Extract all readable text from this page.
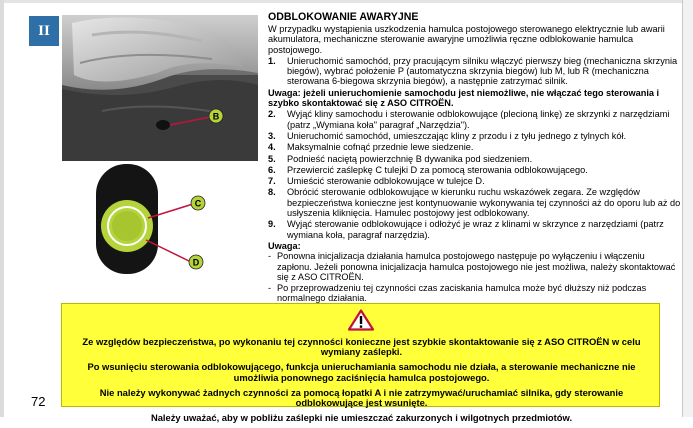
II
B
C
D
ODBLOKOWANIE AWARYJNE

W przypadku wystąpienia uszkodzenia hamulca postojowego sterowanego elektrycznie lub awarii akumulatora, mechaniczne sterowanie awaryjne umożliwia ręczne odblokowanie hamulca postojowego.

1. Unieruchomić samochód, przy pracującym silniku włączyć pierwszy bieg (mechaniczna skrzynia biegów), wybrać położenie P (automatyczna skrzynia biegów) lub M, lub R (mechaniczna sterowana 6-biegowa skrzynia biegów), a następnie zatrzymać silnik.

Uwaga: jeżeli unieruchomienie samochodu jest niemożliwe, nie włączać tego sterowania i szybko skontaktować się z ASO CITROËN.

2. Wyjąć kliny samochodu i sterowanie odblokowujące (plecioną linkę) ze skrzynki z narzędziami (patrz „Wymiana koła" paragraf „Narzędzia").
3. Unieruchomić samochód, umieszczając kliny z przodu i z tyłu jednego z tylnych kół.
4. Maksymalnie cofnąć przednie lewe siedzenie.
5. Podnieść naciętą powierzchnię B dywanika pod siedzeniem.
6. Przewiercić zaślepkę C tulejki D za pomocą sterowania odblokowującego.
7. Umieścić sterowanie odblokowujące w tulejce D.
8. Obrócić sterowanie odblokowujące w kierunku ruchu wskazówek zegara. Ze względów bezpieczeństwa konieczne jest kontynuowanie wykonywania tej czynności aż do oporu lub aż do usłyszenia kliknięcia. Hamulec postojowy jest odblokowany.
9. Wyjąć sterowanie odblokowujące i odłożyć je wraz z klinami w skrzynce z narzędziami (patrz wymiana koła, paragraf narzędzia).

Uwaga:

- Ponowna inicjalizacja działania hamulca postojowego następuje po wyłączeniu i włączeniu zapłonu. Jeżeli ponowna inicjalizacja hamulca postojowego nie jest możliwa, należy skontaktować się z ASO CITROËN.
- Po przeprowadzeniu tej czynności czas zaciskania hamulca może być dłuższy niż podczas normalnego działania.

Ze względów bezpieczeństwa, po wykonaniu tej czynności konieczne jest szybkie skontaktowanie się z ASO CITROËN w celu wymiany zaślepki.

Po wsunięciu sterowania odblokowującego, funkcja unieruchamiania samochodu nie działa, a sterowanie mechaniczne nie umożliwia ponownego zaciśnięcia hamulca postojowego.

Nie należy wykonywać żadnych czynności za pomocą łopatki A i nie zatrzymywać/uruchamiać silnika, gdy sterowanie odblokowujące jest wsunięte.

Należy uważać, aby w pobliżu zaślepki nie umieszczać zakurzonych i wilgotnych przedmiotów.

72
